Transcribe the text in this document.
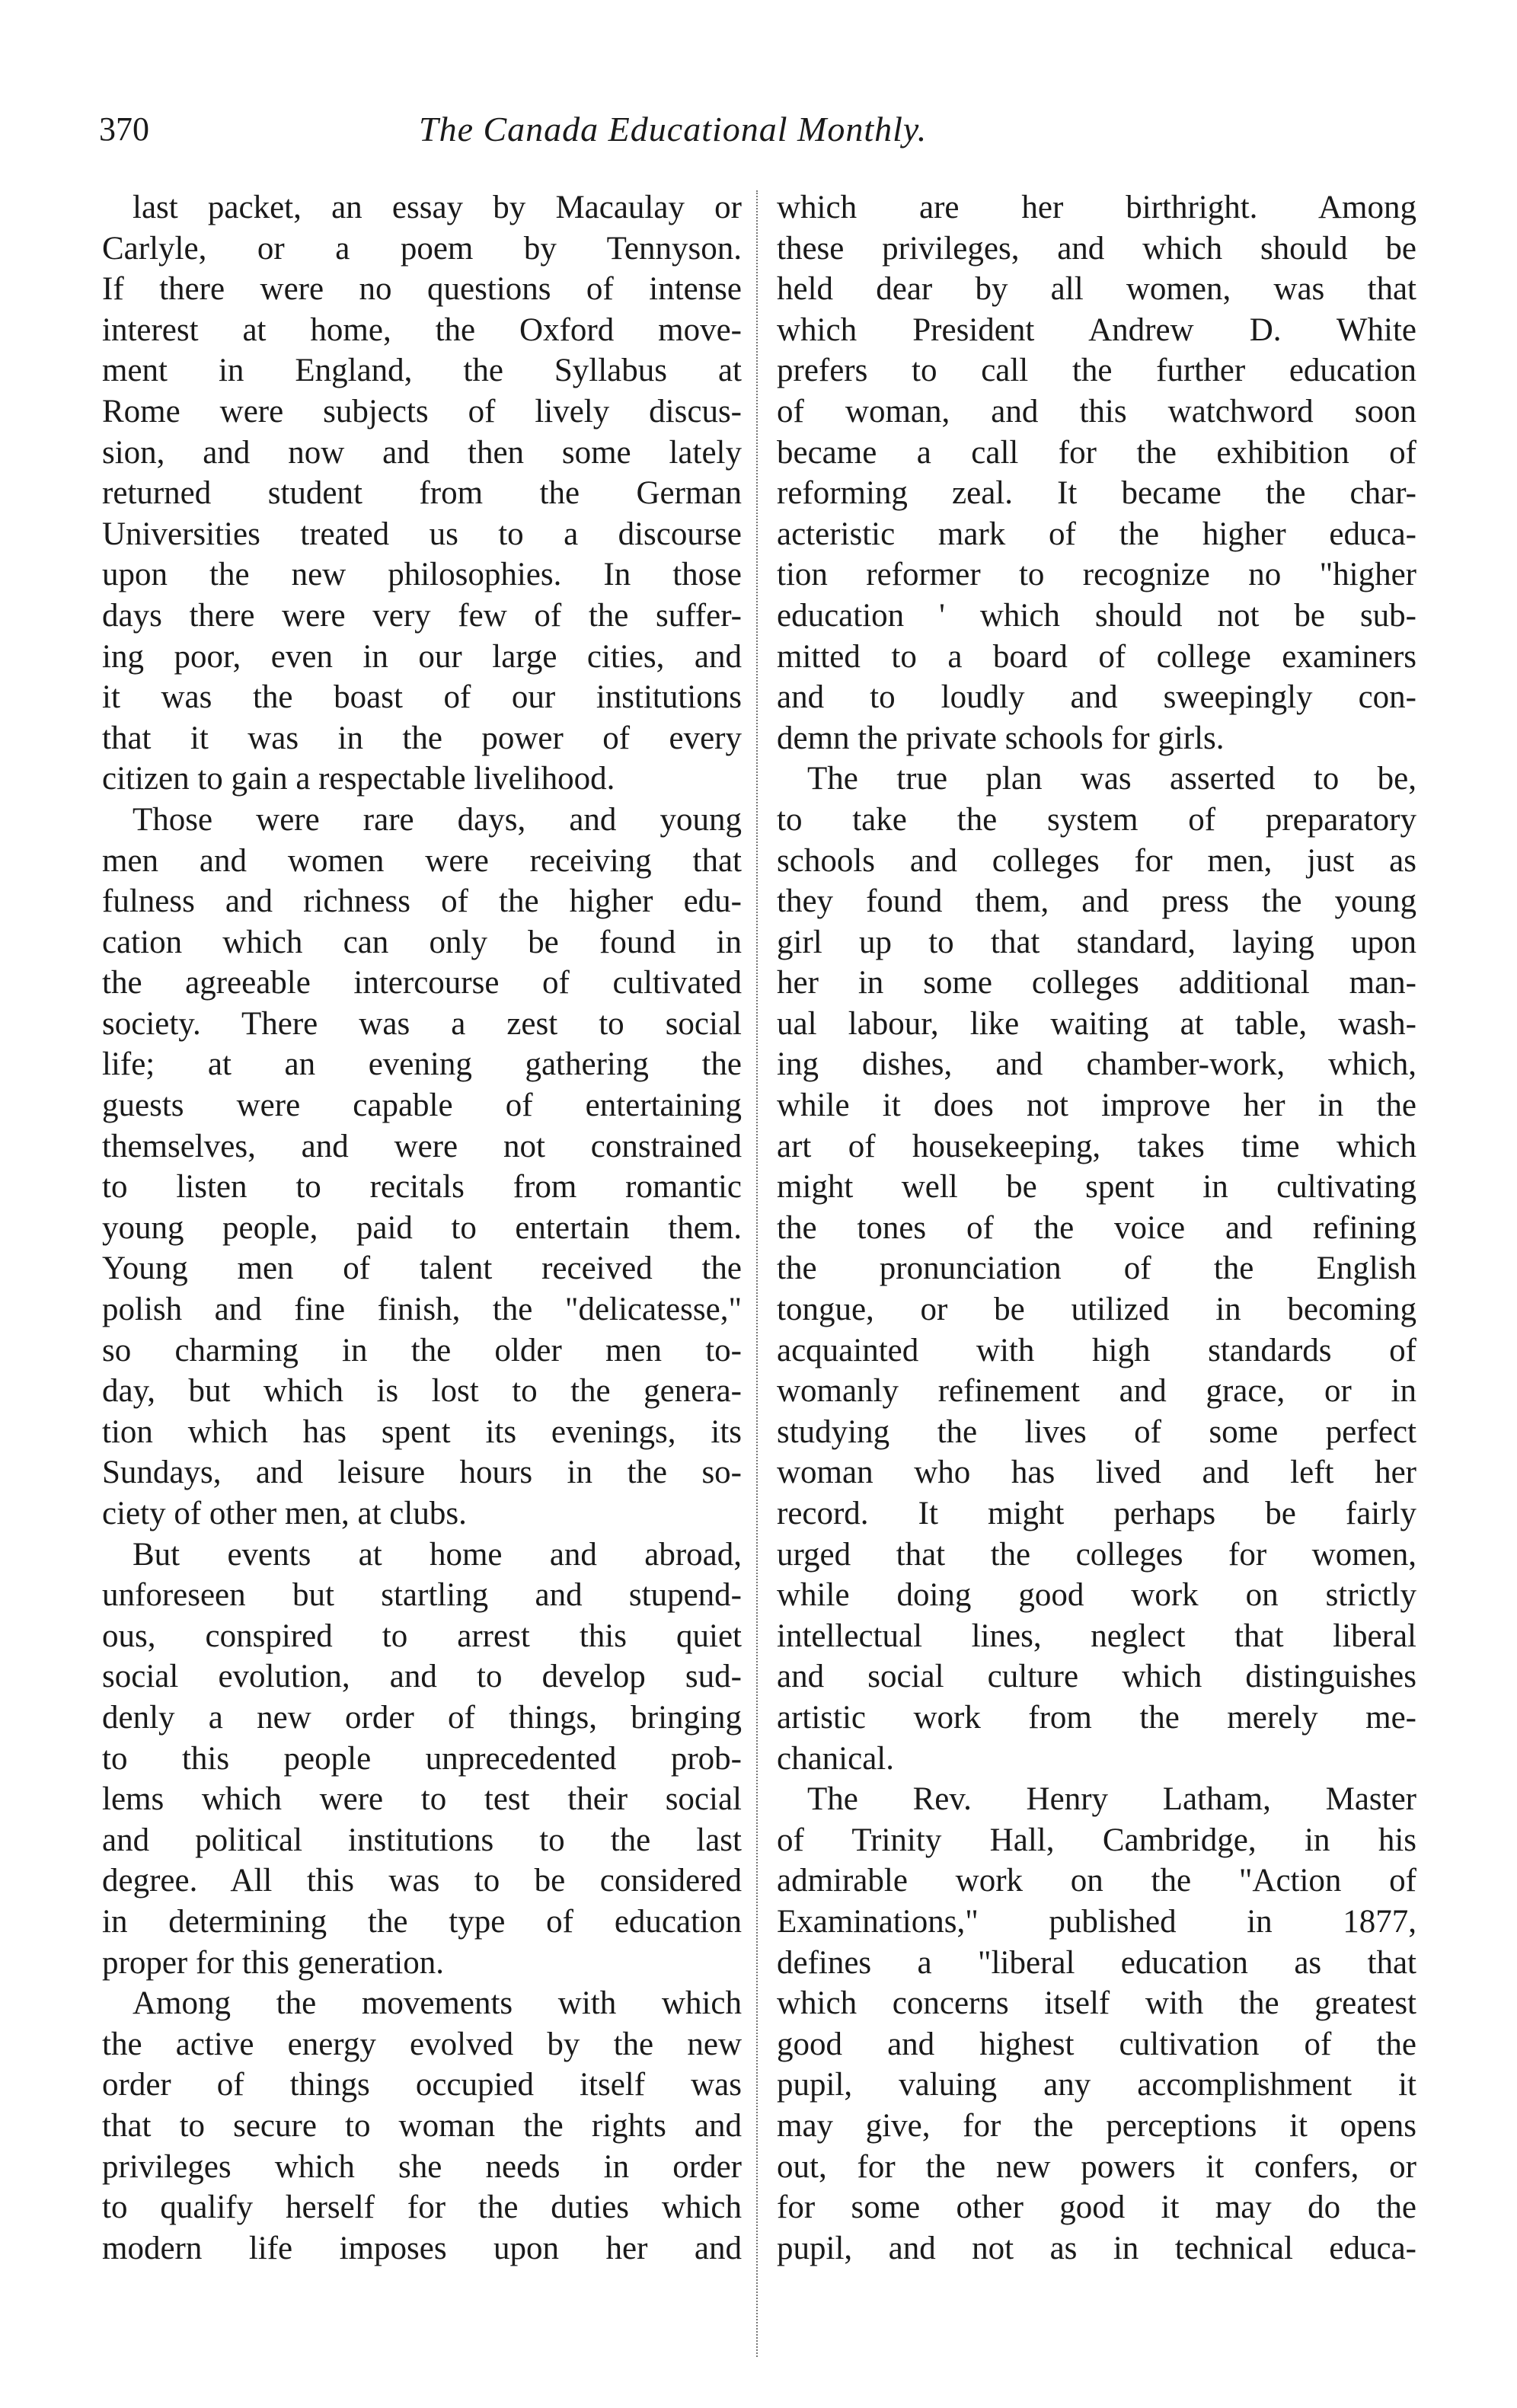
370	The Canada Educational Monthly.
last packet, an essay by Macaulay or
Carlyle, or a poem by Tennyson.
If there were no questions of intense
interest at home, the Oxford move-
ment in England, the Syllabus at
Rome were subjects of lively discus-
sion, and now and then some lately
returned student from the German
Universities treated us to a discourse
upon the new philosophies. In those
days there were very few of the suffer-
ing poor, even in our large cities, and
it was the boast of our institutions
that it was in the power of every
citizen to gain a respectable livelihood.
Those were rare days, and young
men and women were receiving that
fulness and richness of the higher edu-
cation which can only be found in
the agreeable intercourse of cultivated
society. There was a zest to social
life; at an evening gathering the
guests were capable of entertaining
themselves, and were not constrained
to listen to recitals from romantic
young people, paid to entertain them.
Young men of talent received the
polish and fine finish, the "delicatesse,"
so charming in the older men to-
day, but which is lost to the genera-
tion which has spent its evenings, its
Sundays, and leisure hours in the so-
ciety of other men, at clubs.
But events at home and abroad,
unforeseen but startling and stupend-
ous, conspired to arrest this quiet
social evolution, and to develop sud-
denly a new order of things, bringing
to this people unprecedented prob-
lems which were to test their social
and political institutions to the last
degree. All this was to be considered
in determining the type of education
proper for this generation.
Among the movements with which
the active energy evolved by the new
order of things occupied itself was
that to secure to woman the rights and
privileges which she needs in order
to qualify herself for the duties which
modern life imposes upon her and
which are her birthright. Among
these privileges, and which should be
held dear by all women, was that
which President Andrew D. White
prefers to call the further education
of woman, and this watchword soon
became a call for the exhibition of
reforming zeal. It became the char-
acteristic mark of the higher educa-
tion reformer to recognize no "higher
education ' which should not be sub-
mitted to a board of college examiners
and to loudly and sweepingly con-
demn the private schools for girls.
The true plan was asserted to be,
to take the system of preparatory
schools and colleges for men, just as
they found them, and press the young
girl up to that standard, laying upon
her in some colleges additional man-
ual labour, like waiting at table, wash-
ing dishes, and chamber-work, which,
while it does not improve her in the
art of housekeeping, takes time which
might well be spent in cultivating
the tones of the voice and refining
the pronunciation of the English
tongue, or be utilized in becoming
acquainted with high standards of
womanly refinement and grace, or in
studying the lives of some perfect
woman who has lived and left her
record. It might perhaps be fairly
urged that the colleges for women,
while doing good work on strictly
intellectual lines, neglect that liberal
and social culture which distinguishes
artistic work from the merely me-
chanical.
The Rev. Henry Latham, Master
of Trinity Hall, Cambridge, in his
admirable work on the "Action of
Examinations," published in 1877,
defines a "liberal education as that
which concerns itself with the greatest
good and highest cultivation of the
pupil, valuing any accomplishment it
may give, for the perceptions it opens
out, for the new powers it confers, or
for some other good it may do the
pupil, and not as in technical educa-
